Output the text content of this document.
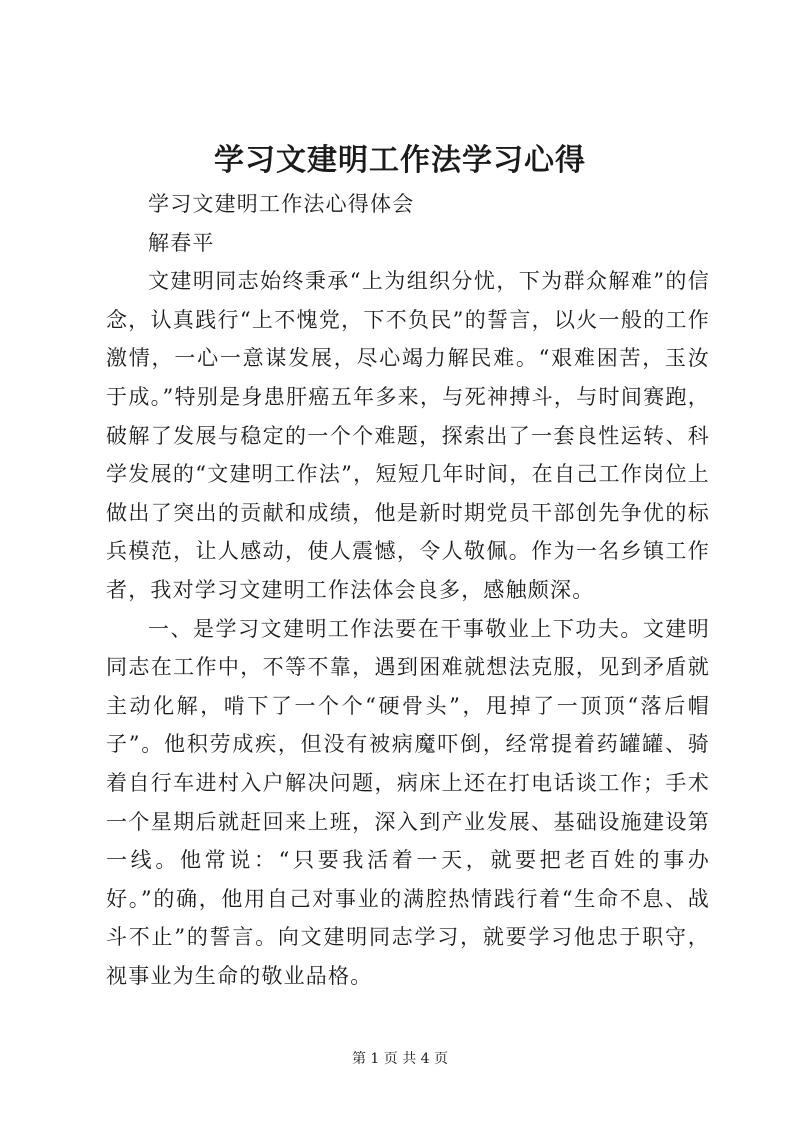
学习文建明工作法学习心得

学习文建明工作法心得体会

解春平

文建明同志始终秉承“上为组织分忧，下为群众解难”的信念，认真践行“上不愧党，下不负民”的誓言，以火一般的工作激情，一心一意谋发展，尽心竭力解民难。“艰难困苦，玉汝于成。”特别是身患肝癌五年多来，与死神搏斗，与时间赛跑，破解了发展与稳定的一个个难题，探索出了一套良性运转、科学发展的“文建明工作法”，短短几年时间，在自己工作岗位上做出了突出的贡献和成绩，他是新时期党员干部创先争优的标兵模范，让人感动，使人震憾，令人敬佩。作为一名乡镇工作者，我对学习文建明工作法体会良多，感触颇深。

一、是学习文建明工作法要在干事敬业上下功夫。文建明同志在工作中，不等不靠，遇到困难就想法克服，见到矛盾就主动化解，啃下了一个个“硬骨头”，甩掉了一顶顶“落后帽子”。他积劳成疾，但没有被病魔吓倒，经常提着药罐罐、骑着自行车进村入户解决问题，病床上还在打电话谈工作；手术一个星期后就赶回来上班，深入到产业发展、基础设施建设第一线。他常说：“只要我活着一天，就要把老百姓的事办好。”的确，他用自己对事业的满腔热情践行着“生命不息、战斗不止”的誓言。向文建明同志学习，就要学习他忠于职守，视事业为生命的敬业品格。

第 1 页 共 4 页
